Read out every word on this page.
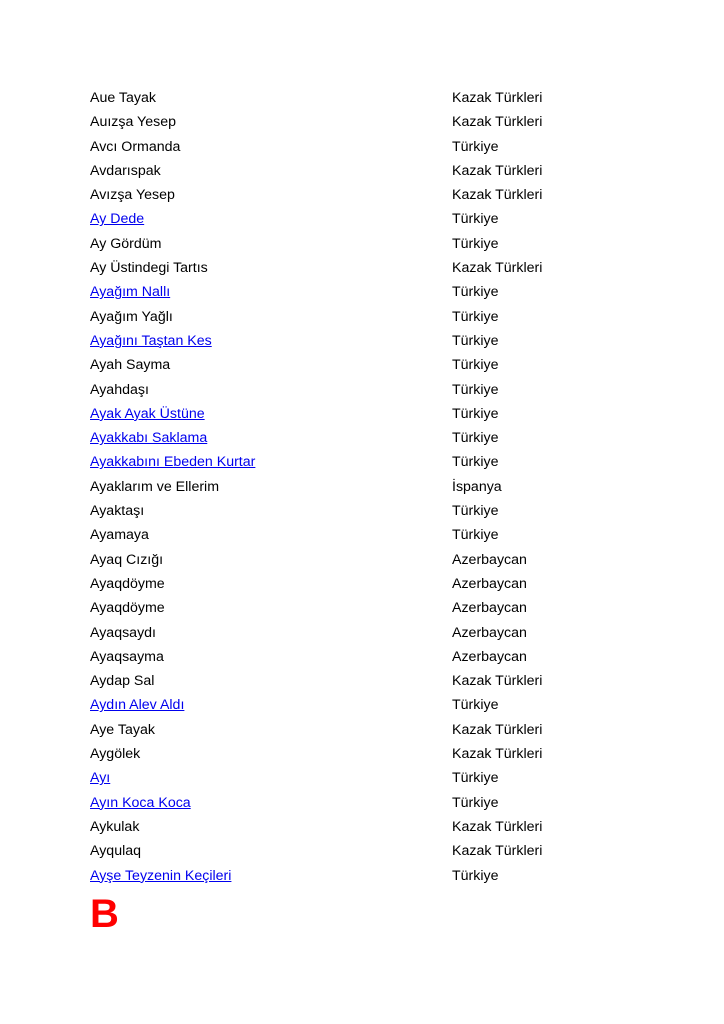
Aue Tayak	Kazak Türkleri
Auızşa Yesep	Kazak Türkleri
Avcı Ormanda	Türkiye
Avdarıspak	Kazak Türkleri
Avızşa Yesep	Kazak Türkleri
Ay Dede	Türkiye
Ay Gördüm	Türkiye
Ay Üstindegi Tartıs	Kazak Türkleri
Ayağım Nallı	Türkiye
Ayağım Yağlı	Türkiye
Ayağını Taştan Kes	Türkiye
Ayah Sayma	Türkiye
Ayahdaşı	Türkiye
Ayak Ayak Üstüne	Türkiye
Ayakkabı Saklama	Türkiye
Ayakkabını Ebeden Kurtar	Türkiye
Ayaklarım ve Ellerim	İspanya
Ayaktaşı	Türkiye
Ayamaya	Türkiye
Ayaq Cızığı	Azerbaycan
Ayaqdöyme	Azerbaycan
Ayaqdöyme	Azerbaycan
Ayaqsaydı	Azerbaycan
Ayaqsayma	Azerbaycan
Aydap Sal	Kazak Türkleri
Aydın Alev Aldı	Türkiye
Aye Tayak	Kazak Türkleri
Aygölek	Kazak Türkleri
Ayı	Türkiye
Ayın Koca Koca	Türkiye
Aykulak	Kazak Türkleri
Ayqulaq	Kazak Türkleri
Ayşe Teyzenin Keçileri	Türkiye
B
